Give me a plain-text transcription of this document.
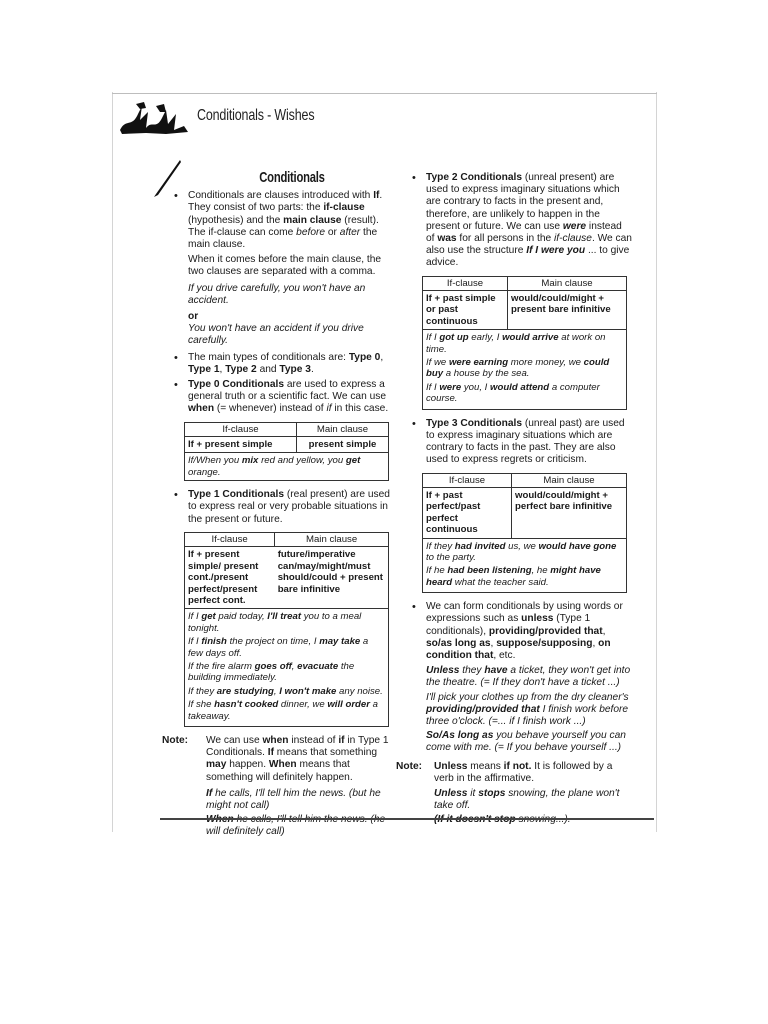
Conditionals - Wishes
Conditionals
• Conditionals are clauses introduced with If. They consist of two parts: the if-clause (hypothesis) and the main clause (result). The if-clause can come before or after the main clause.
When it comes before the main clause, the two clauses are separated with a comma.
If you drive carefully, you won't have an accident.
or
You won't have an accident if you drive carefully.
• The main types of conditionals are: Type 0, Type 1, Type 2 and Type 3.
• Type 0 Conditionals are used to express a general truth or a scientific fact. We can use when (= whenever) instead of if in this case.
If-clause	Main clause
If + present simple	present simple
If/When you mix red and yellow, you get orange.	
• Type 1 Conditionals (real present) are used to express real or very probable situations in the present or future.
If-clause	Main clause
If + present simple/ present cont./present perfect/present perfect cont.	future/imperative can/may/might/must should/could + present bare infinitive

If I get paid today, I'll treat you to a meal tonight.
If I finish the project on time, I may take a few days off.
If the fire alarm goes off, evacuate the building immediately.
If they are studying, I won't make any noise.
If she hasn't cooked dinner, we will order a takeaway.	
Note: We can use when instead of if in Type 1 Conditionals. If means that something may happen. When means that something will definitely happen.
If he calls, I'll tell him the news. (but he might not call)
will definitely call)
• Type 2 Conditionals (unreal present) are used to express imaginary situations which are contrary to facts in the present and, therefore, are unlikely to happen in the present or future. We can use were instead of was for all persons in the if-clause. We can also use the structure If I were you ... to give advice.
If-clause	Main clause
If + past simple or past continuous	would/could/might + present bare infinitive

If I got up early, I would arrive at work on time.
If we were earning more money, we could buy a house by the sea.
If I were you, I would attend a computer course.	
• Type 3 Conditionals (unreal past) are used to express imaginary situations which are contrary to facts in the past. They are also used to express regrets or criticism.
If-clause	Main clause
If + past perfect/past perfect continuous	would/could/might + perfect bare infinitive

If they had invited us, we would have gone to the party.
If he had been listening, he might have heard what the teacher said.	
• We can form conditionals by using words or expressions such as unless (Type 1 conditionals), providing/provided that, so/as long as, suppose/supposing, on condition that, etc.
Unless they have a ticket, they won't get into the theatre. (= If they don't have a ticket ...)
I'll pick your clothes up from the dry cleaner's providing/provided that I finish work before three o'clock. (=... if I finish work ...)
So/As long as you behave yourself you can come with me. (= If you behave yourself ...)
Note: Unless means if not. It is followed by a verb in the affirmative.
Unless it stops snowing, the plane won't take off.
